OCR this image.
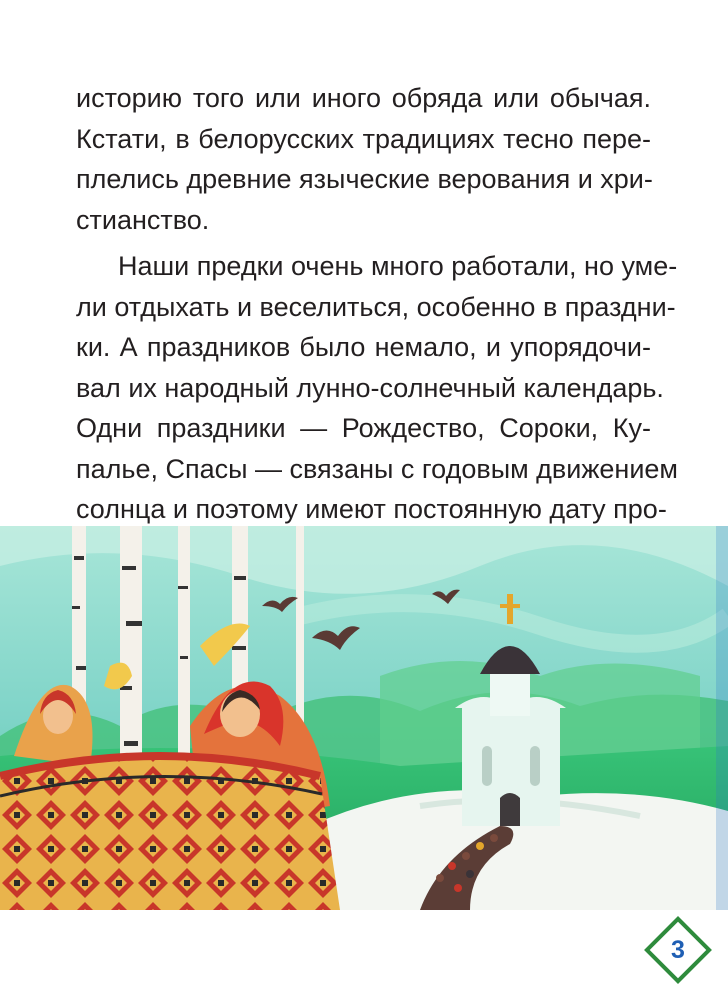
историю того или иного обряда или обычая.
Кстати, в белорусских традициях тесно пере-
плелись древние языческие верования и хри-
стианство.
Наши предки очень много работали, но уме-
ли отдыхать и веселиться, особенно в праздни-
ки. А праздников было немало, и упорядочи-
вал их народный лунно-солнечный календарь.
Одни праздники — Рождество, Сороки, Ку-
палье, Спасы — связаны с годовым движением
солнца и поэтому имеют постоянную дату про-
3
